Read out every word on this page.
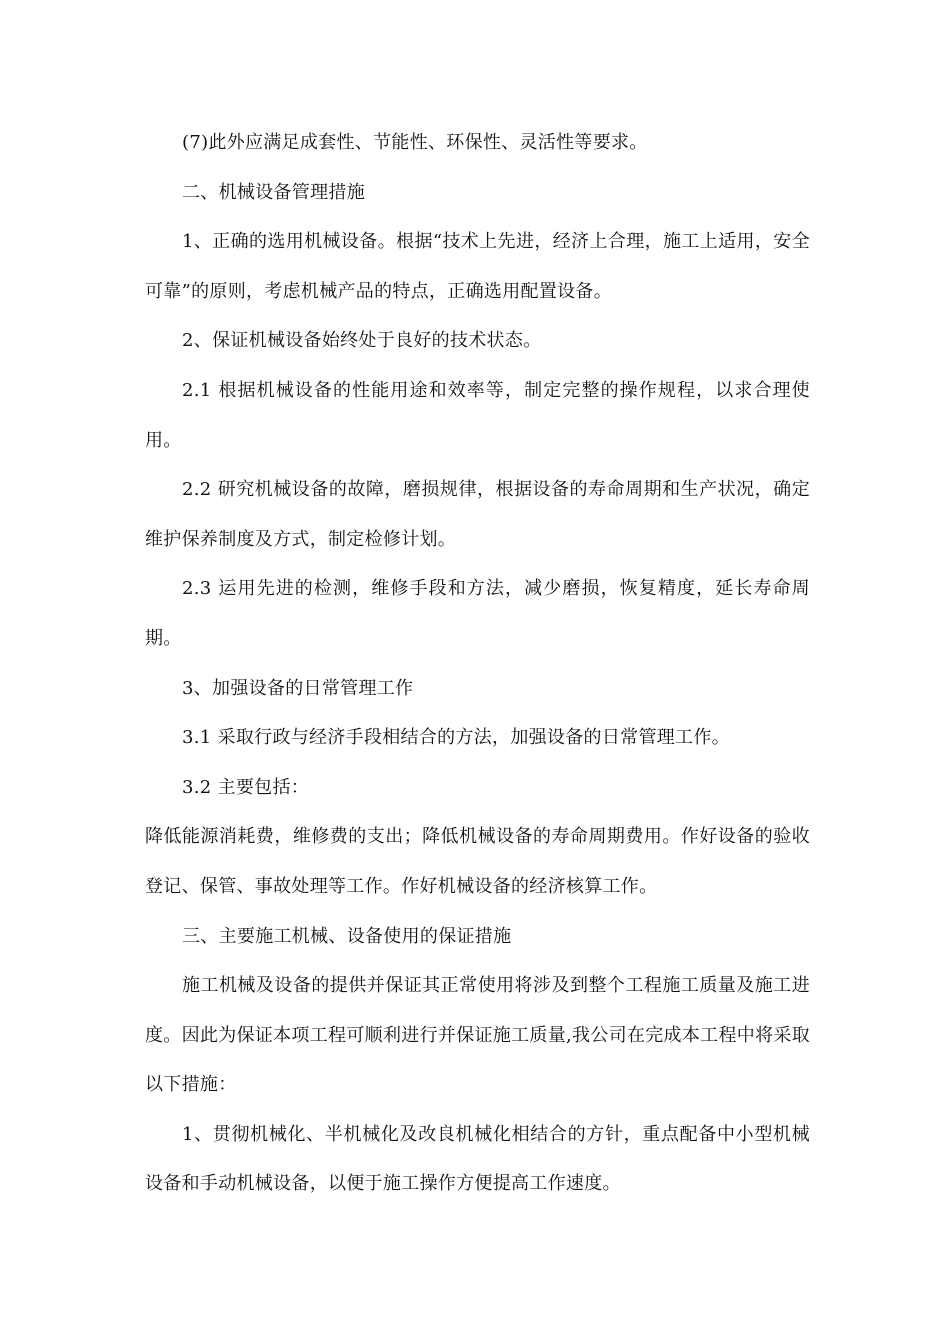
(7)此外应满足成套性、节能性、环保性、灵活性等要求。

二、机械设备管理措施

1、正确的选用机械设备。根据“技术上先进，经济上合理，施工上适用，安全可靠”的原则，考虑机械产品的特点，正确选用配置设备。

2、保证机械设备始终处于良好的技术状态。

2.1 根据机械设备的性能用途和效率等，制定完整的操作规程，以求合理使用。

2.2 研究机械设备的故障，磨损规律，根据设备的寿命周期和生产状况，确定维护保养制度及方式，制定检修计划。

2.3 运用先进的检测，维修手段和方法，减少磨损，恢复精度，延长寿命周期。

3、加强设备的日常管理工作

3.1 采取行政与经济手段相结合的方法，加强设备的日常管理工作。

3.2 主要包括：

降低能源消耗费，维修费的支出；降低机械设备的寿命周期费用。作好设备的验收登记、保管、事故处理等工作。作好机械设备的经济核算工作。

三、主要施工机械、设备使用的保证措施

施工机械及设备的提供并保证其正常使用将涉及到整个工程施工质量及施工进度。因此为保证本项工程可顺利进行并保证施工质量,我公司在完成本工程中将采取以下措施：

1、贯彻机械化、半机械化及改良机械化相结合的方针，重点配备中小型机械设备和手动机械设备，以便于施工操作方便提高工作速度。
